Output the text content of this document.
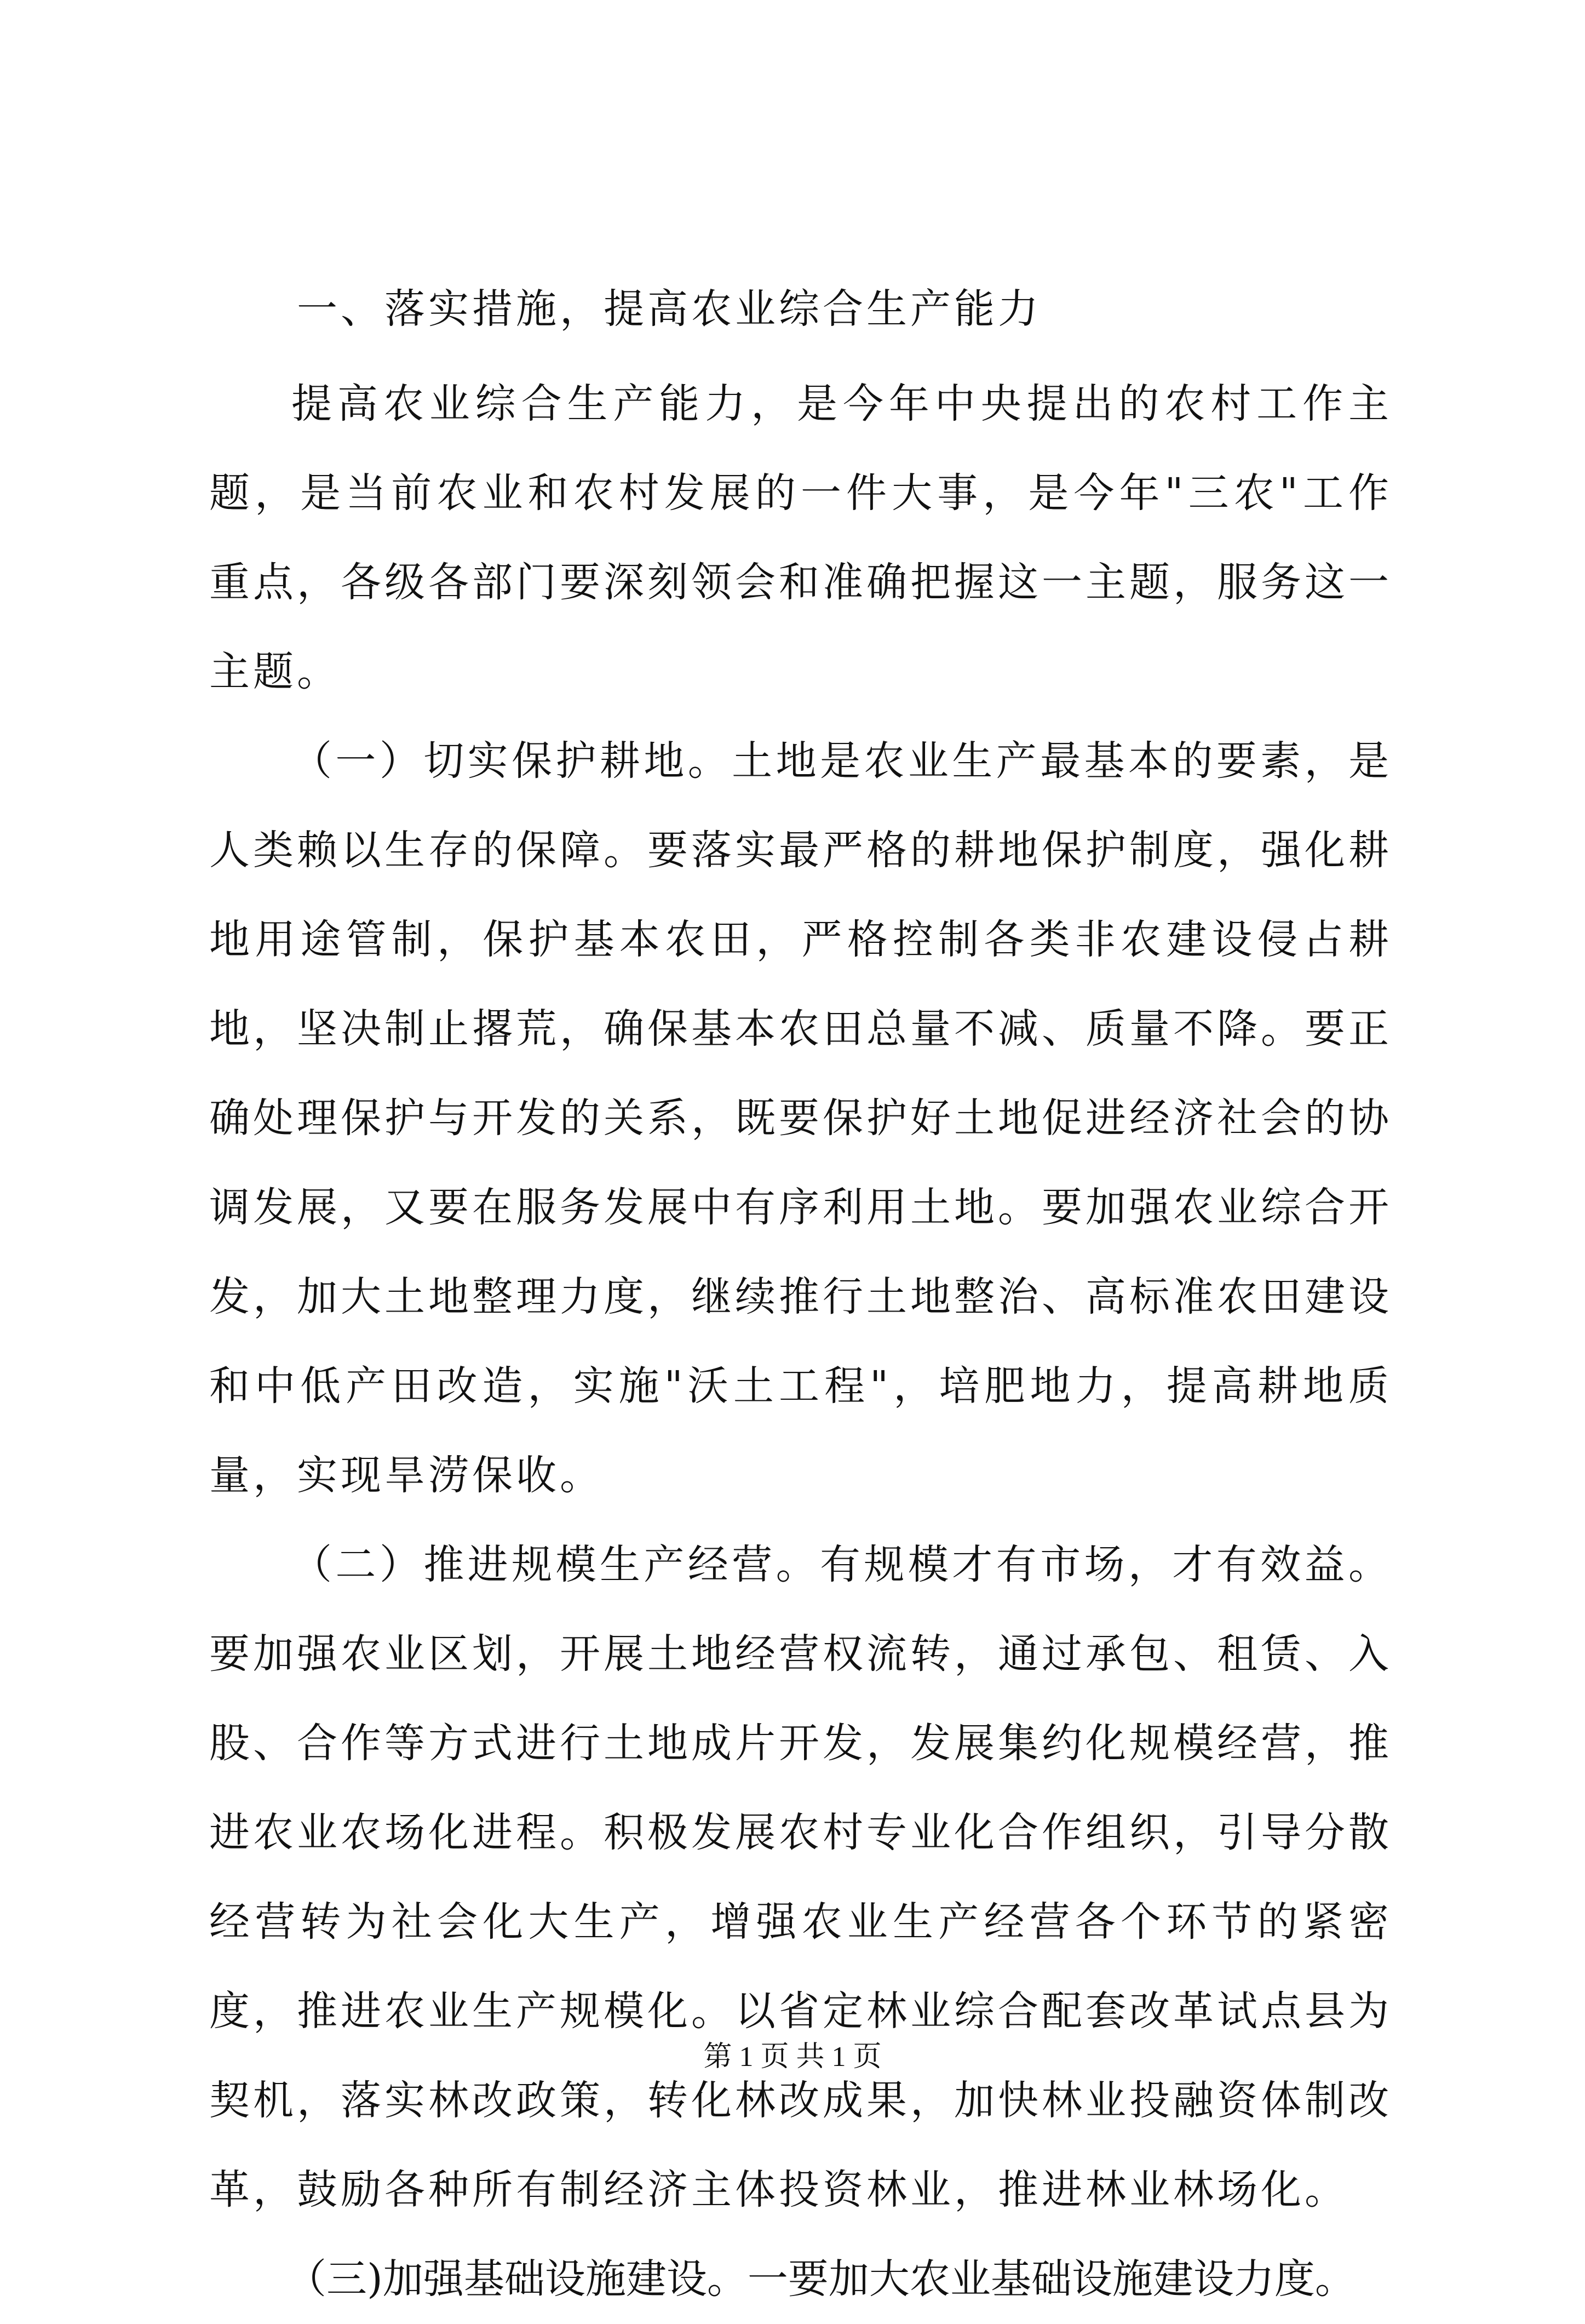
一、落实措施，提高农业综合生产能力

提高农业综合生产能力，是今年中央提出的农村工作主题，是当前农业和农村发展的一件大事，是今年"三农"工作重点，各级各部门要深刻领会和准确把握这一主题，服务这一主题。

（一）切实保护耕地。土地是农业生产最基本的要素，是人类赖以生存的保障。要落实最严格的耕地保护制度，强化耕地用途管制，保护基本农田，严格控制各类非农建设侵占耕地，坚决制止撂荒，确保基本农田总量不减、质量不降。要正确处理保护与开发的关系，既要保护好土地促进经济社会的协调发展，又要在服务发展中有序利用土地。要加强农业综合开发，加大土地整理力度，继续推行土地整治、高标准农田建设和中低产田改造，实施"沃土工程"，培肥地力，提高耕地质量，实现旱涝保收。

（二）推进规模生产经营。有规模才有市场，才有效益。要加强农业区划，开展土地经营权流转，通过承包、租赁、入股、合作等方式进行土地成片开发，发展集约化规模经营，推进农业农场化进程。积极发展农村专业化合作组织，引导分散经营转为社会化大生产，增强农业生产经营各个环节的紧密度，推进农业生产规模化。以省定林业综合配套改革试点县为契机，落实林改政策，转化林改成果，加快林业投融资体制改革，鼓励各种所有制经济主体投资林业，推进林业林场化。

（三)加强基础设施建设。一要加大农业基础设施建设力度。

第 1 页 共 1 页
